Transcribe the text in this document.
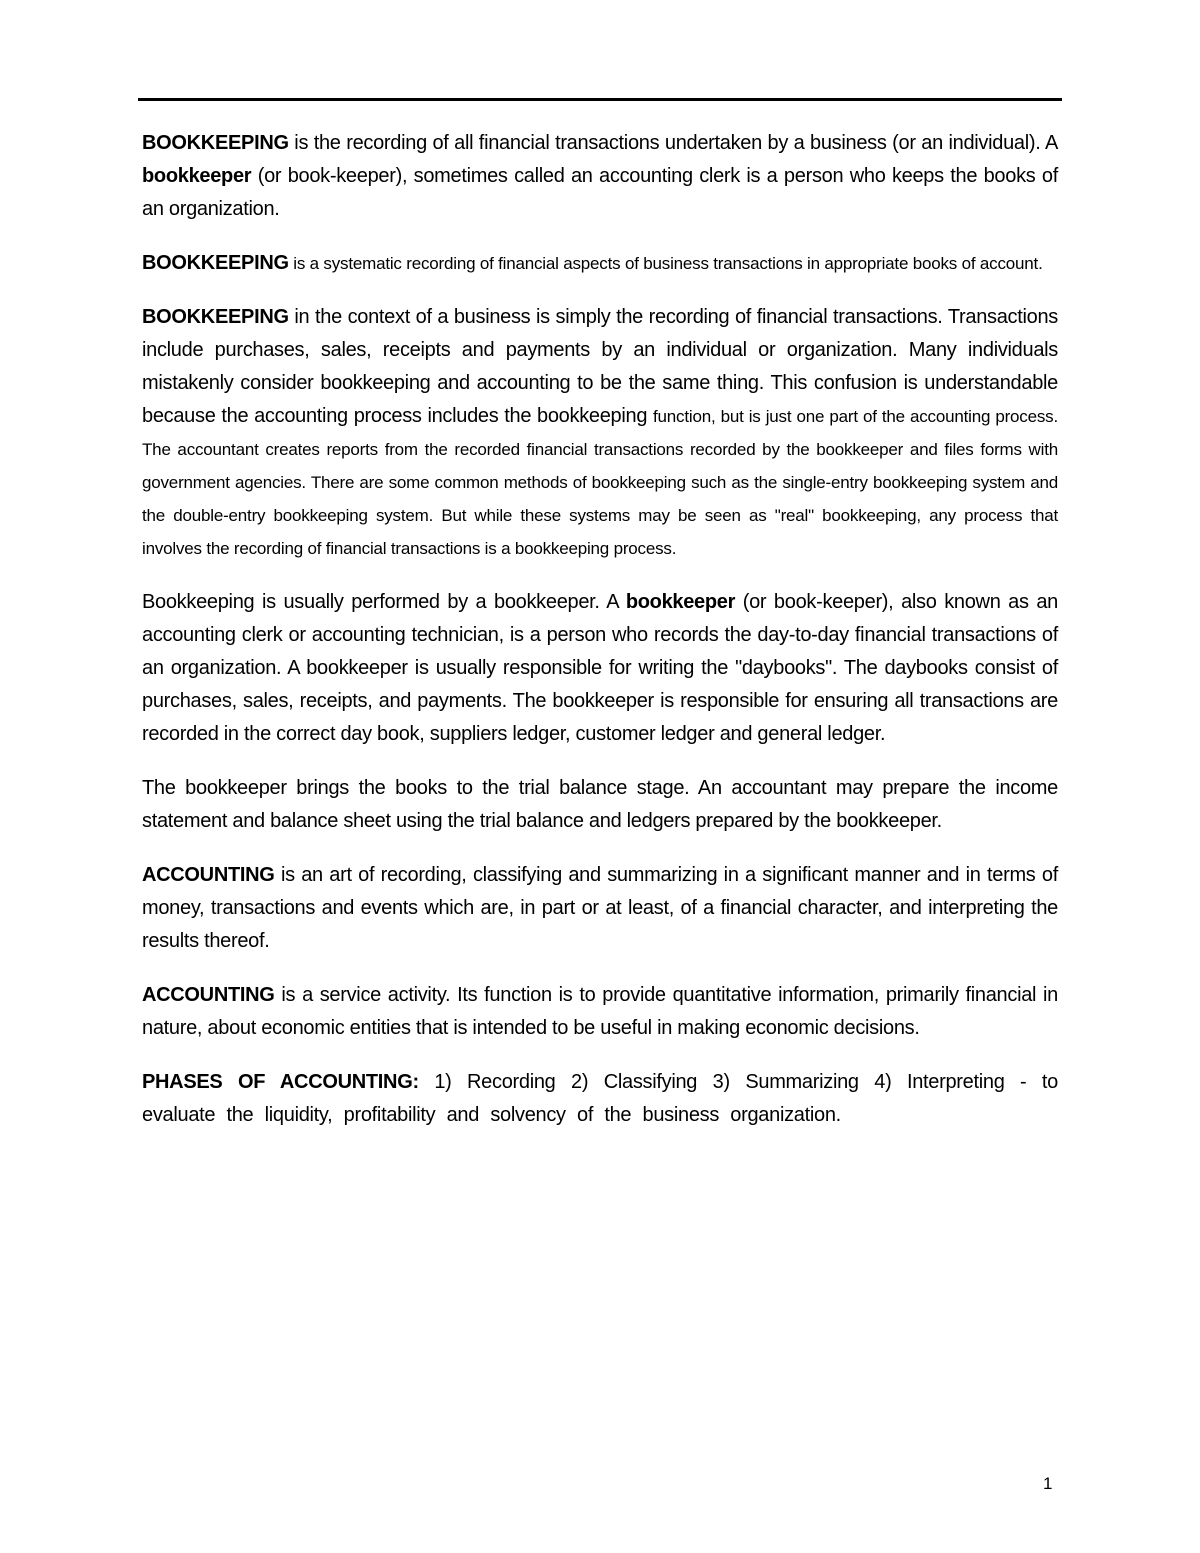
BOOKKEEPING is the recording of all financial transactions undertaken by a business (or an individual). A bookkeeper (or book-keeper), sometimes called an accounting clerk is a person who keeps the books of an organization.

BOOKKEEPING is a systematic recording of financial aspects of business transactions in appropriate books of account.

BOOKKEEPING in the context of a business is simply the recording of financial transactions. Transactions include purchases, sales, receipts and payments by an individual or organization. Many individuals mistakenly consider bookkeeping and accounting to be the same thing. This confusion is understandable because the accounting process includes the bookkeeping function, but is just one part of the accounting process. The accountant creates reports from the recorded financial transactions recorded by the bookkeeper and files forms with government agencies. There are some common methods of bookkeeping such as the single-entry bookkeeping system and the double-entry bookkeeping system. But while these systems may be seen as "real" bookkeeping, any process that involves the recording of financial transactions is a bookkeeping process.

Bookkeeping is usually performed by a bookkeeper. A bookkeeper (or book-keeper), also known as an accounting clerk or accounting technician, is a person who records the day-to-day financial transactions of an organization. A bookkeeper is usually responsible for writing the "daybooks". The daybooks consist of purchases, sales, receipts, and payments. The bookkeeper is responsible for ensuring all transactions are recorded in the correct day book, suppliers ledger, customer ledger and general ledger.

The bookkeeper brings the books to the trial balance stage. An accountant may prepare the income statement and balance sheet using the trial balance and ledgers prepared by the bookkeeper.

ACCOUNTING is an art of recording, classifying and summarizing in a significant manner and in terms of money, transactions and events which are, in part or at least, of a financial character, and interpreting the results thereof.

ACCOUNTING is a service activity. Its function is to provide quantitative information, primarily financial in nature, about economic entities that is intended to be useful in making economic decisions.

PHASES OF ACCOUNTING: 1) Recording 2) Classifying 3) Summarizing 4) Interpreting - to evaluate the liquidity, profitability and solvency of the business organization.

1
